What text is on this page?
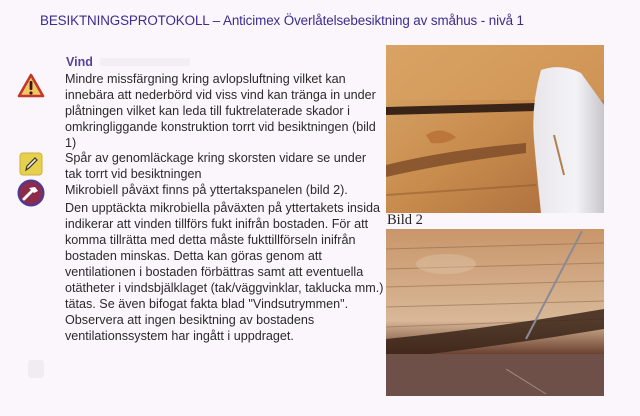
BESIKTNINGSPROTOKOLL – Anticimex Överlåtelsebesiktning av småhus - nivå 1
Vind
Mindre missfärgning kring avlopsluftning vilket kan innebära att nederbörd vid viss vind kan tränga in under plåtningen vilket kan leda till fuktrelaterade skador i omkringliggande konstruktion torrt vid besiktningen (bild 1)
Spår av genomläckage kring skorsten vidare se under tak torrt vid besiktningen
Mikrobiell påväxt finns på yttertakspanelen (bild 2).
Den upptäckta mikrobiella påväxten på yttertakets insida indikerar att vinden tillförs fukt inifrån bostaden. För att komma tillrätta med detta måste fukttillförseln inifrån bostaden minskas. Detta kan göras genom att ventilationen i bostaden förbättras samt att eventuella otätheter i vindsbjälklaget (tak/väggvinklar, taklucka mm.) tätas. Se även bifogat fakta blad "Vindsutrymmen". Observera att ingen besiktning av bostadens ventilationssystem har ingått i uppdraget.
Bild 2
